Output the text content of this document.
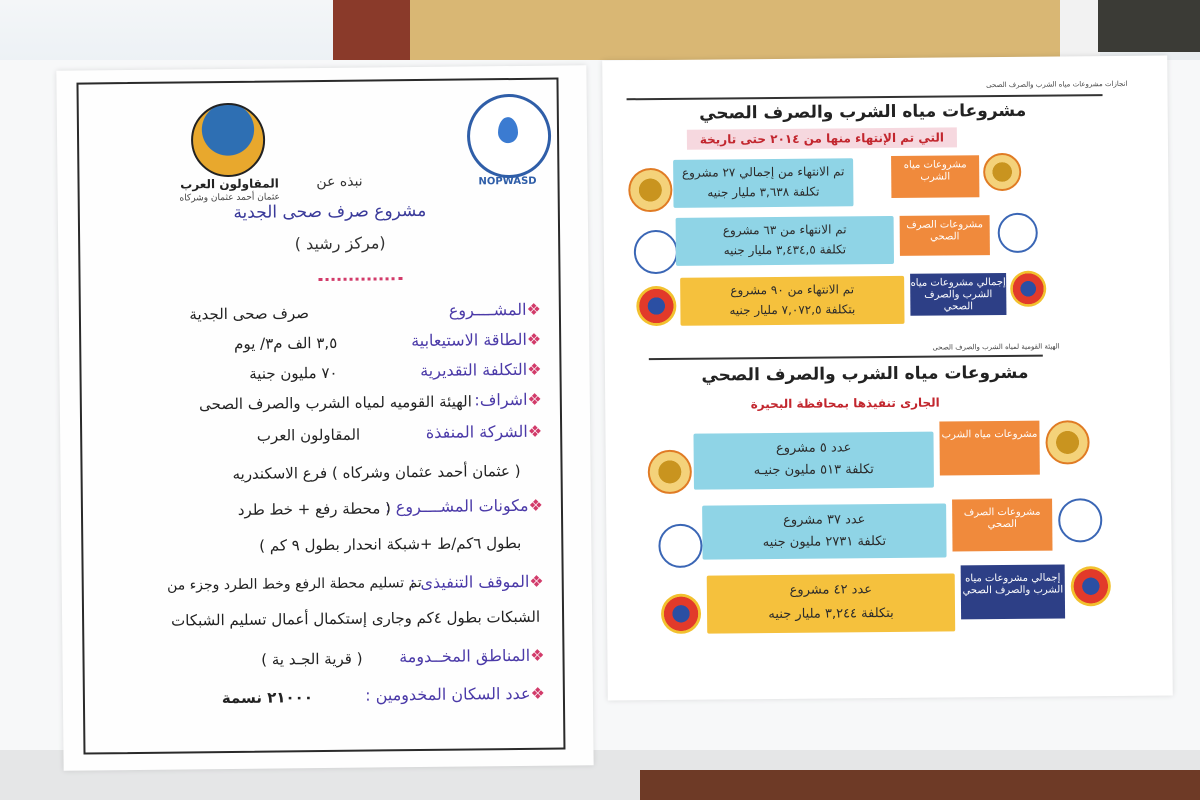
المقاولون العرب
عثمان أحمد عثمان وشركاه
NOPWASD
نبذه عن
مشروع صرف صحى الجدية
(مركز رشيد )
❖المشــــروع
صرف صحى الجدية
❖الطاقة الاستيعابية
٣,٥ الف م٣/ يوم
❖التكلفة التقديرية
٧٠ مليون جنية
❖اشراف:
الهيئة القوميه لمياه الشرب والصرف الصحى
❖الشركة المنفذة
المقاولون العرب
( عثمان أحمد عثمان وشركاه ) فرع الاسكندريه
❖مكونات المشــــروع :
( محطة رفع + خط طرد
بطول ٦كم/ط +شبكة انحدار بطول ٩ كم )
❖الموقف التنفيذى :
تم تسليم محطة الرفع وخط الطرد وجزء من
الشبكات بطول ٤كم وجارى إستكمال أعمال تسليم الشبكات
❖المناطق المخــدومة
( قرية الجـد ية )
❖عدد السكان المخدومين :
٢١٠٠٠ نسمة
انجازات مشروعات مياه الشرب والصرف الصحى
مشروعات مياه الشرب والصرف الصحي
التي تم الإنتهاء منها من ٢٠١٤ حتى تاريخة
تم الانتهاء من إجمالي ٢٧ مشروع
تكلفة ٣,٦٣٨ مليار جنيه
مشروعات مياه الشرب
تم الانتهاء من ٦٣ مشروع
تكلفة ٣,٤٣٤,٥ مليار جنيه
مشروعات الصرف الصحي
تم الانتهاء من ٩٠ مشروع
بتكلفة ٧,٠٧٢,٥ مليار جنيه
إجمالي مشروعات مياه الشرب والصرف الصحي
الهيئة القومية لمياه الشرب والصرف الصحى
مشروعات مياه الشرب والصرف الصحي
الجارى تنفيذها بمحافظة البحيرة
عدد ٥ مشروع
تكلفة ٥١٣ مليون جنيـه
مشروعات مياه الشرب
عدد ٣٧ مشروع
تكلفة ٢٧٣١ مليون جنيه
مشروعات الصرف الصحي
عدد ٤٢ مشروع
بتكلفة ٣,٢٤٤ مليار جنيه
إجمالي مشروعات مياه الشرب والصرف الصحي
